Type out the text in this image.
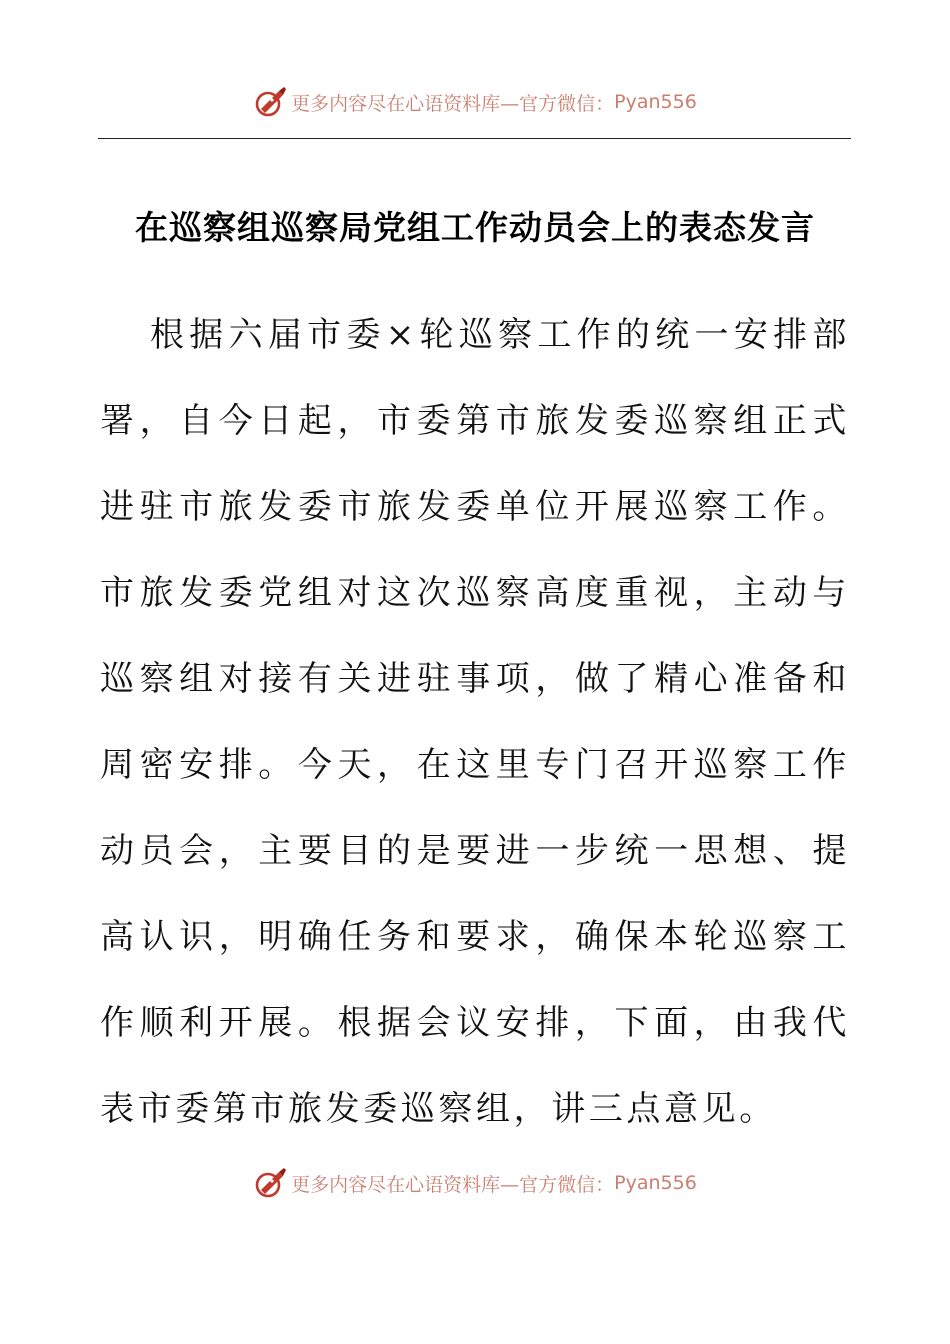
更多内容尽在心语资料库—官方微信： Pyan556
在巡察组巡察局党组工作动员会上的表态发言

根据六届市委×轮巡察工作的统一安排部署，自今日起，市委第市旅发委巡察组正式进驻市旅发委市旅发委单位开展巡察工作。市旅发委党组对这次巡察高度重视，主动与巡察组对接有关进驻事项，做了精心准备和周密安排。今天，在这里专门召开巡察工作动员会，主要目的是要进一步统一思想、提高认识，明确任务和要求，确保本轮巡察工作顺利开展。根据会议安排，下面，由我代表市委第市旅发委巡察组，讲三点意见。

更多内容尽在心语资料库—官方微信： Pyan556
